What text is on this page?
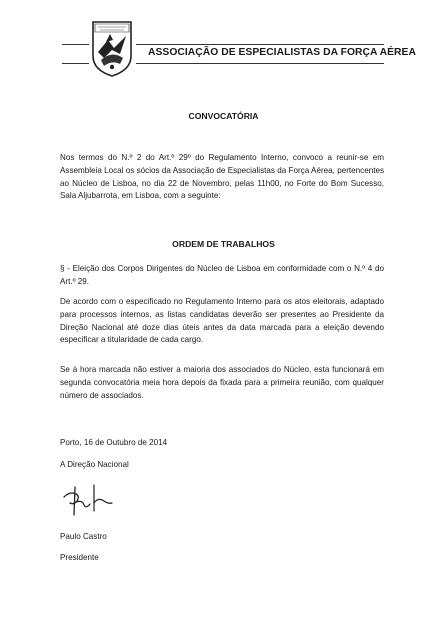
ASSOCIAÇÃO DE ESPECIALISTAS DA FORÇA AÉREA
CONVOCATÓRIA
Nos termos do N.º 2 do Art.º 29º do Regulamento Interno, convoco a reunir-se em Assembleia Local os sócios da Associação de Especialistas da Força Aérea, pertencentes ao Núcleo de Lisboa, no dia 22 de Novembro, pelas 11h00, no Forte do Bom Sucesso, Sala Aljubarrota, em Lisboa, com a seguinte:
ORDEM DE TRABALHOS
§ - Eleição dos Corpos Dirigentes do Núcleo de Lisboa em conformidade com o N.º 4 do Art.º 29.
De acordo com o especificado no Regulamento Interno para os atos eleitorais, adaptado para processos internos, as listas candidatas deverão ser presentes ao Presidente da Direção Nacional até doze dias úteis antes da data marcada para a eleição devendo especificar a titularidade de cada cargo.
Se à hora marcada não estiver a maioria dos associados do Núcleo, esta funcionará em segunda convocatória meia hora depois da fixada para a primeira reunião, com qualquer número de associados.
Porto, 16 de Outubro de 2014
A Direção Nacional
Paulo Castro
Presidente
